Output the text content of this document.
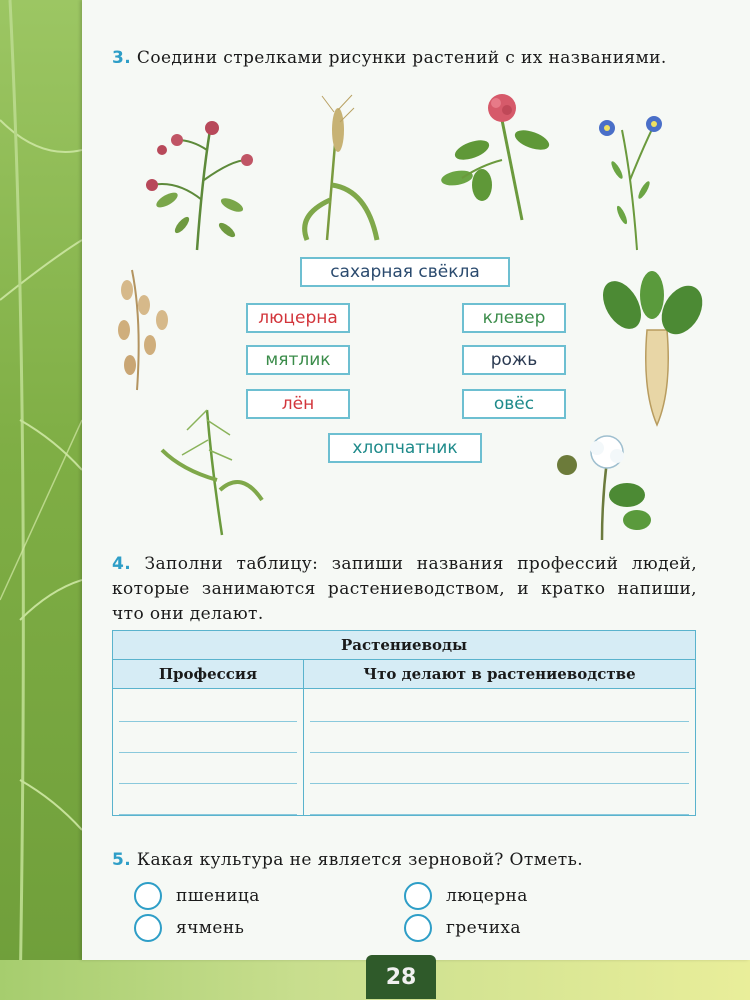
3. Соедини стрелками рисунки растений с их названиями.
сахарная свёкла
люцерна	клевер
мятлик	рожь
лён	овёс
хлопчатник
4. Заполни таблицу: запиши названия профессий людей, которые занимаются растениеводством, и кратко напиши, что они делают.
Растениеводы	
Профессия	Что делают в растениеводстве

5. Какая культура не является зерновой? Отметь.
пшеница	люцерна
ячмень	гречиха
28
